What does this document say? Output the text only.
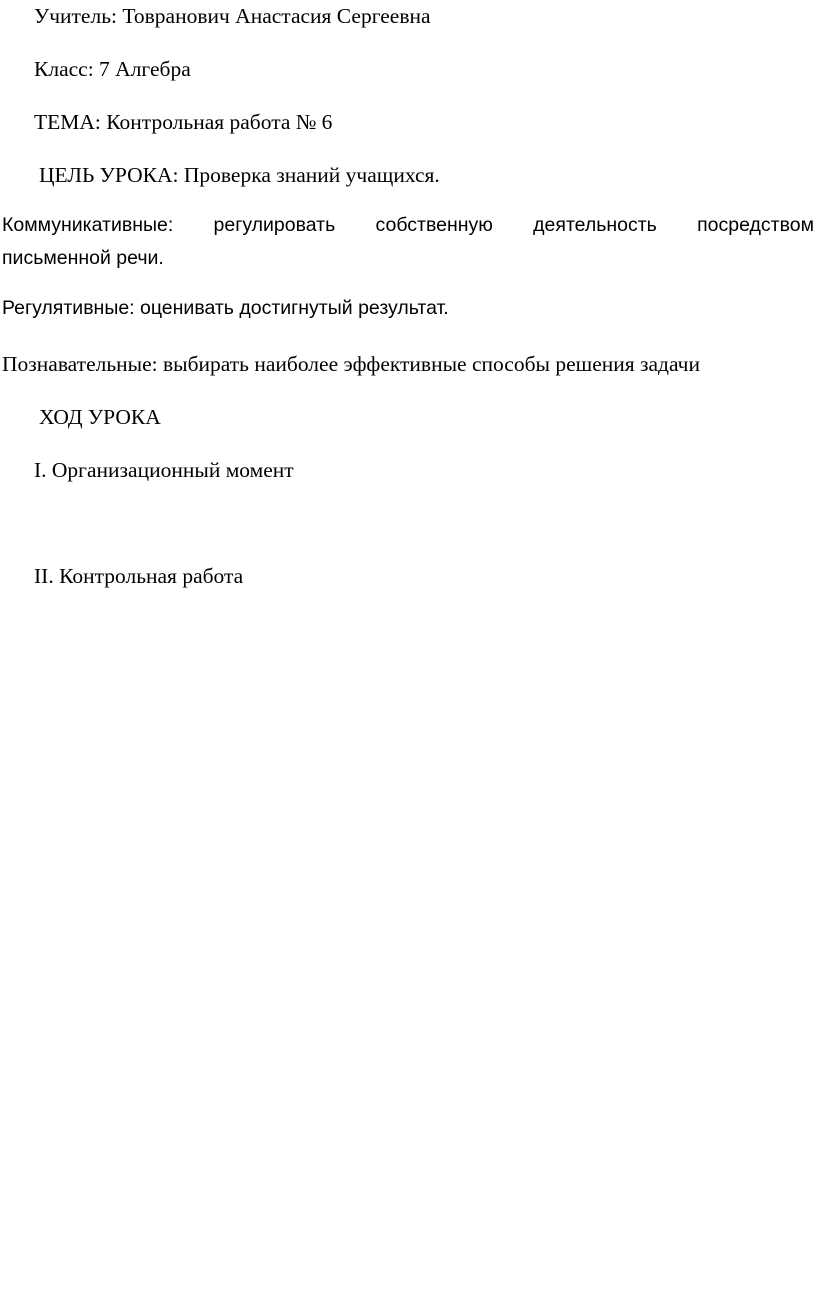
Учитель: Товранович Анастасия Сергеевна

Класс: 7 Алгебра

ТЕМА: Контрольная работа № 6

ЦЕЛЬ УРОКА: Проверка знаний учащихся.

Коммуникативные: регулировать собственную деятельность посредством
письменной речи.

Регулятивные: оценивать достигнутый результат.

Познавательные: выбирать наиболее эффективные способы решения задачи

ХОД УРОКА

I. Организационный момент

II. Контрольная работа
